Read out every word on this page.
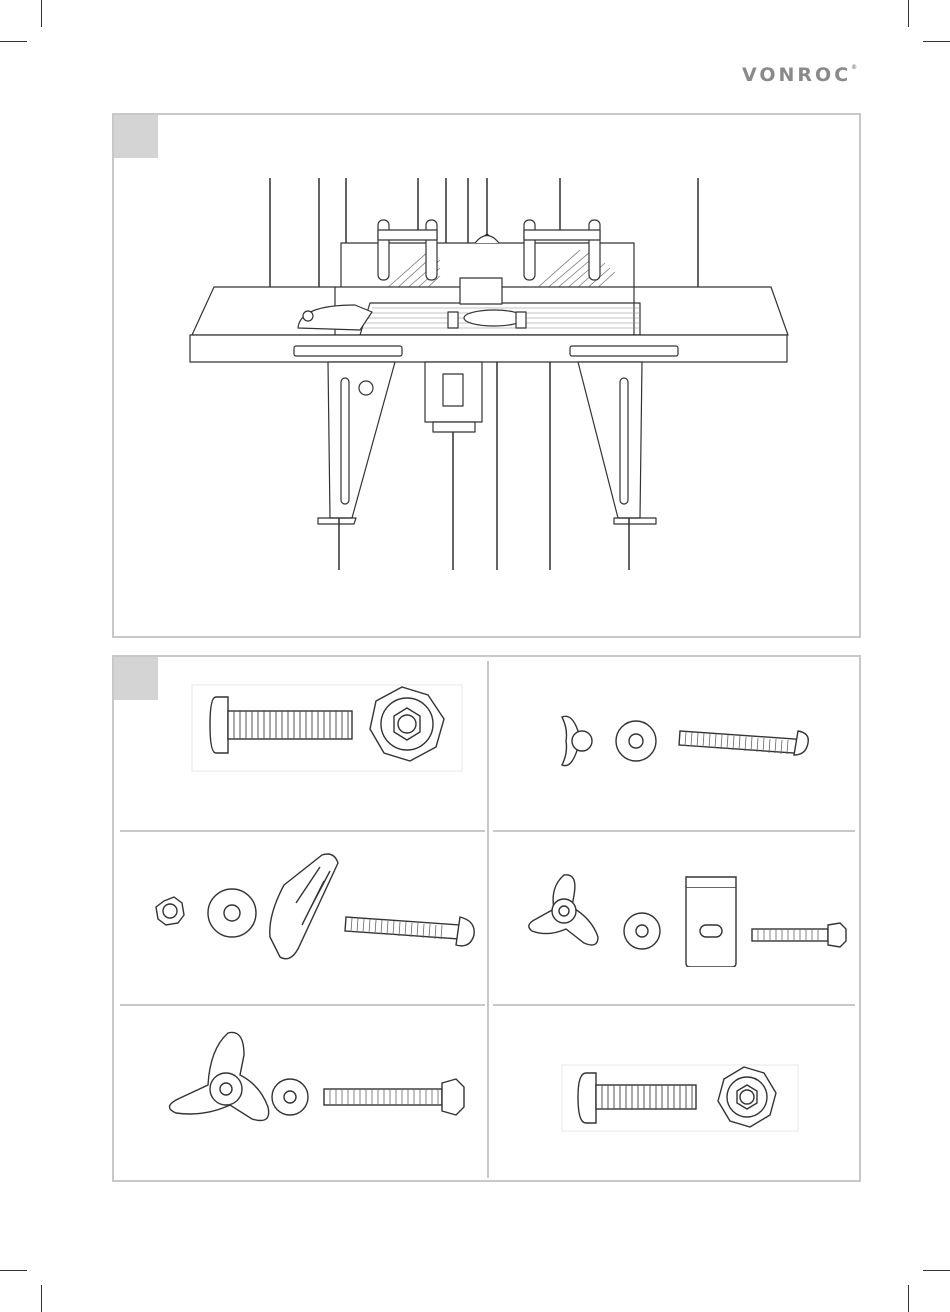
VONROC®
